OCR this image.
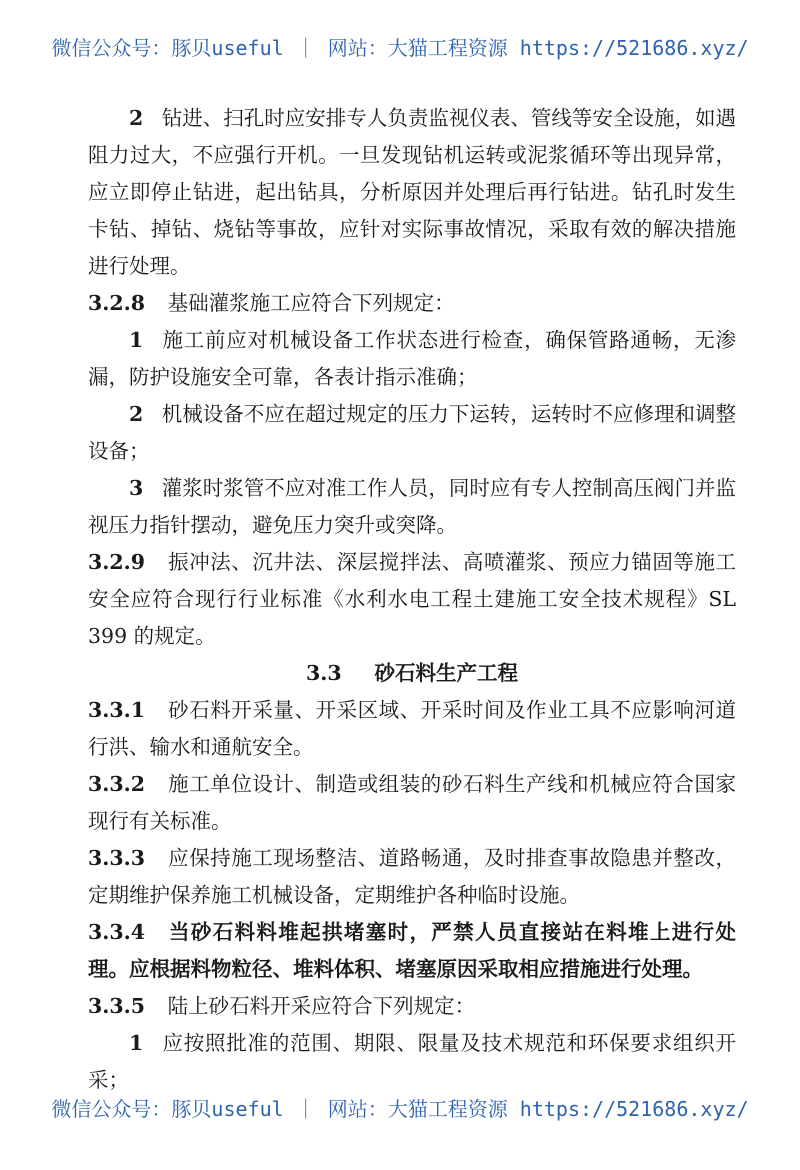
微信公众号：豚贝useful ｜ 网站：大猫工程资源 https://521686.xyz/

2 钻进、扫孔时应安排专人负责监视仪表、管线等安全设施，如遇阻力过大，不应强行开机。一旦发现钻机运转或泥浆循环等出现异常，应立即停止钻进，起出钻具，分析原因并处理后再行钻进。钻孔时发生卡钻、掉钻、烧钻等事故，应针对实际事故情况，采取有效的解决措施进行处理。

3.2.8 基础灌浆施工应符合下列规定：

1 施工前应对机械设备工作状态进行检查，确保管路通畅，无渗漏，防护设施安全可靠，各表计指示准确；

2 机械设备不应在超过规定的压力下运转，运转时不应修理和调整设备；

3 灌浆时浆管不应对准工作人员，同时应有专人控制高压阀门并监视压力指针摆动，避免压力突升或突降。

3.2.9 振冲法、沉井法、深层搅拌法、高喷灌浆、预应力锚固等施工安全应符合现行行业标准《水利水电工程土建施工安全技术规程》SL 399 的规定。

3.3 砂石料生产工程

3.3.1 砂石料开采量、开采区域、开采时间及作业工具不应影响河道行洪、输水和通航安全。

3.3.2 施工单位设计、制造或组装的砂石料生产线和机械应符合国家现行有关标准。

3.3.3 应保持施工现场整洁、道路畅通，及时排查事故隐患并整改，定期维护保养施工机械设备，定期维护各种临时设施。

3.3.4 当砂石料料堆起拱堵塞时，严禁人员直接站在料堆上进行处理。应根据料物粒径、堆料体积、堵塞原因采取相应措施进行处理。

3.3.5 陆上砂石料开采应符合下列规定：

1 应按照批准的范围、期限、限量及技术规范和环保要求组织开采；

微信公众号：豚贝useful ｜ 网站：大猫工程资源 https://521686.xyz/
